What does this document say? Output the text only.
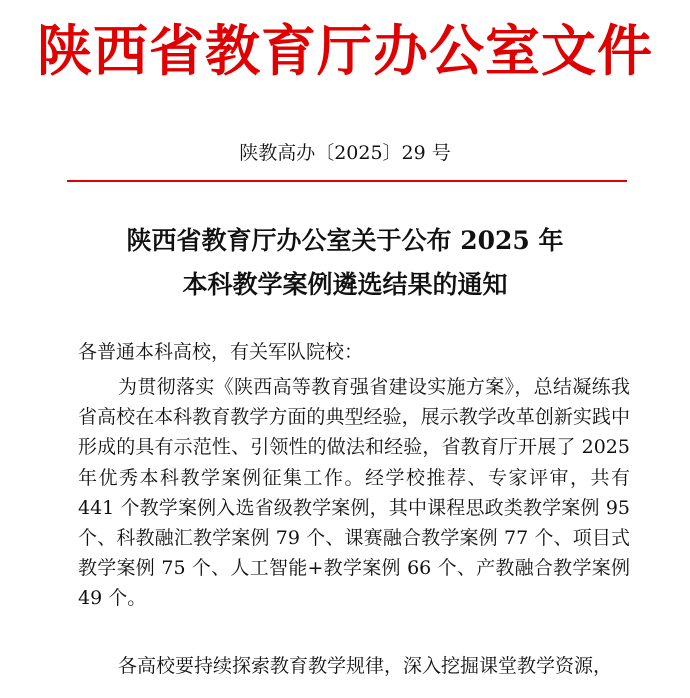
陕西省教育厅办公室文件
陕教高办〔2025〕29 号
陕西省教育厅办公室关于公布 2025 年
本科教学案例遴选结果的通知
各普通本科高校，有关军队院校：
为贯彻落实《陕西高等教育强省建设实施方案》，总结凝练我省高校在本科教育教学方面的典型经验，展示教学改革创新实践中形成的具有示范性、引领性的做法和经验，省教育厅开展了 2025 年优秀本科教学案例征集工作。经学校推荐、专家评审，共有 441 个教学案例入选省级教学案例，其中课程思政类教学案例 95 个、科教融汇教学案例 79 个、课赛融合教学案例 77 个、项目式教学案例 75 个、人工智能+教学案例 66 个、产教融合教学案例 49 个。
各高校要持续探索教育教学规律，深入挖掘课堂教学资源，
